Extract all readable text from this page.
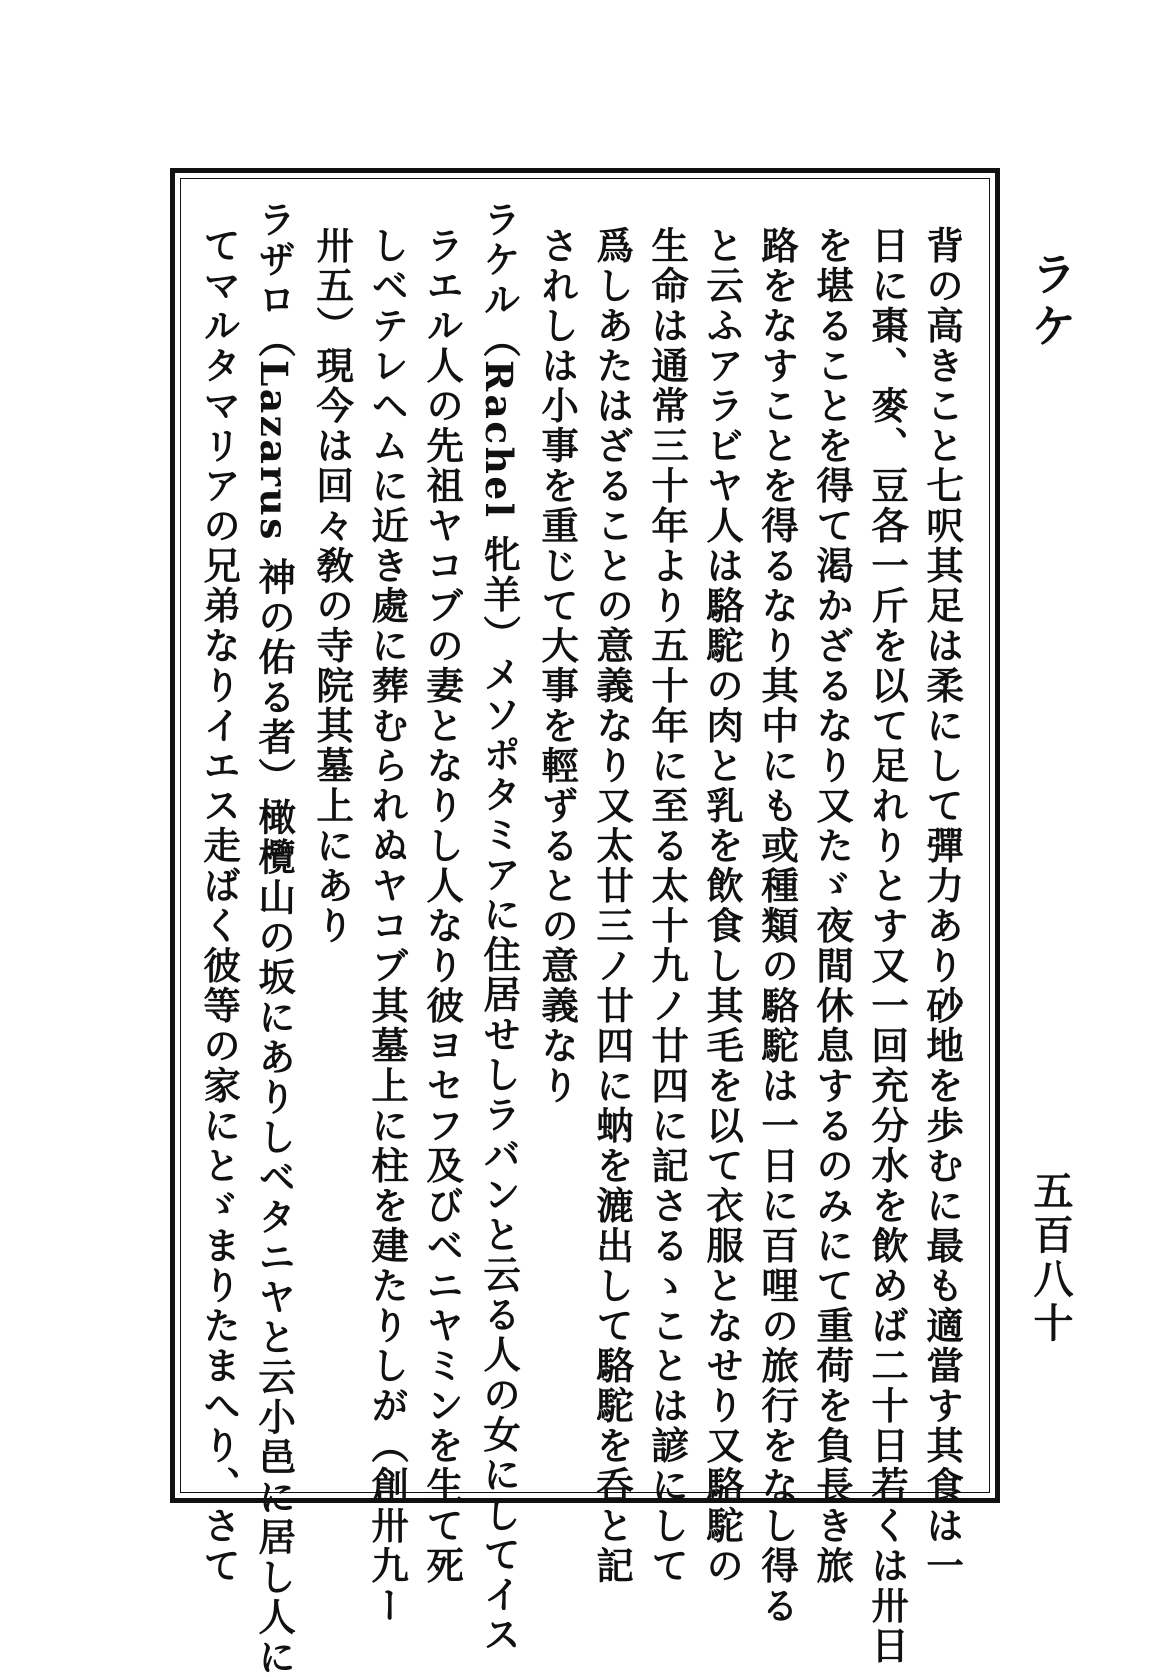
ラケ
五百八十
背の高きこと七呎其足は柔にして彈力あり砂地を歩むに最も適當す其食は一
日に棗、麥、豆各一斤を以て足れりとす又一回充分水を飲めば二十日若くは卅日
を堪ることを得て渇かざるなり又たゞ夜間休息するのみにて重荷を負長き旅
路をなすことを得るなり其中にも或種類の駱駝は一日に百哩の旅行をなし得る
と云ふアラビヤ人は駱駝の肉と乳を飲食し其毛を以て衣服となせり又駱駝の
生命は通常三十年より五十年に至る太十九ノ廿四に記さるゝことは諺にして
爲しあたはざることの意義なり又太廿三ノ廿四に蚋を漉出して駱駝を呑と記
されしは小事を重じて大事を輕ずるとの意義なり
ラケル（Rachel 牝羊）メソポタミアに住居せしラバンと云る人の女にしてイス
ラエル人の先祖ヤコブの妻となりし人なり彼ヨセフ及びベニヤミンを生て死
しベテレヘムに近き處に葬むられぬヤコブ其墓上に柱を建たりしが（創卅九ー
卅五）現今は回々敎の寺院其墓上にあり
ラザロ（Lazarus 神の佑る者）橄欖山の坂にありしベタニヤと云小邑に居し人に
てマルタマリアの兄弟なりイエス走ばく彼等の家にとゞまりたまへり、さて
